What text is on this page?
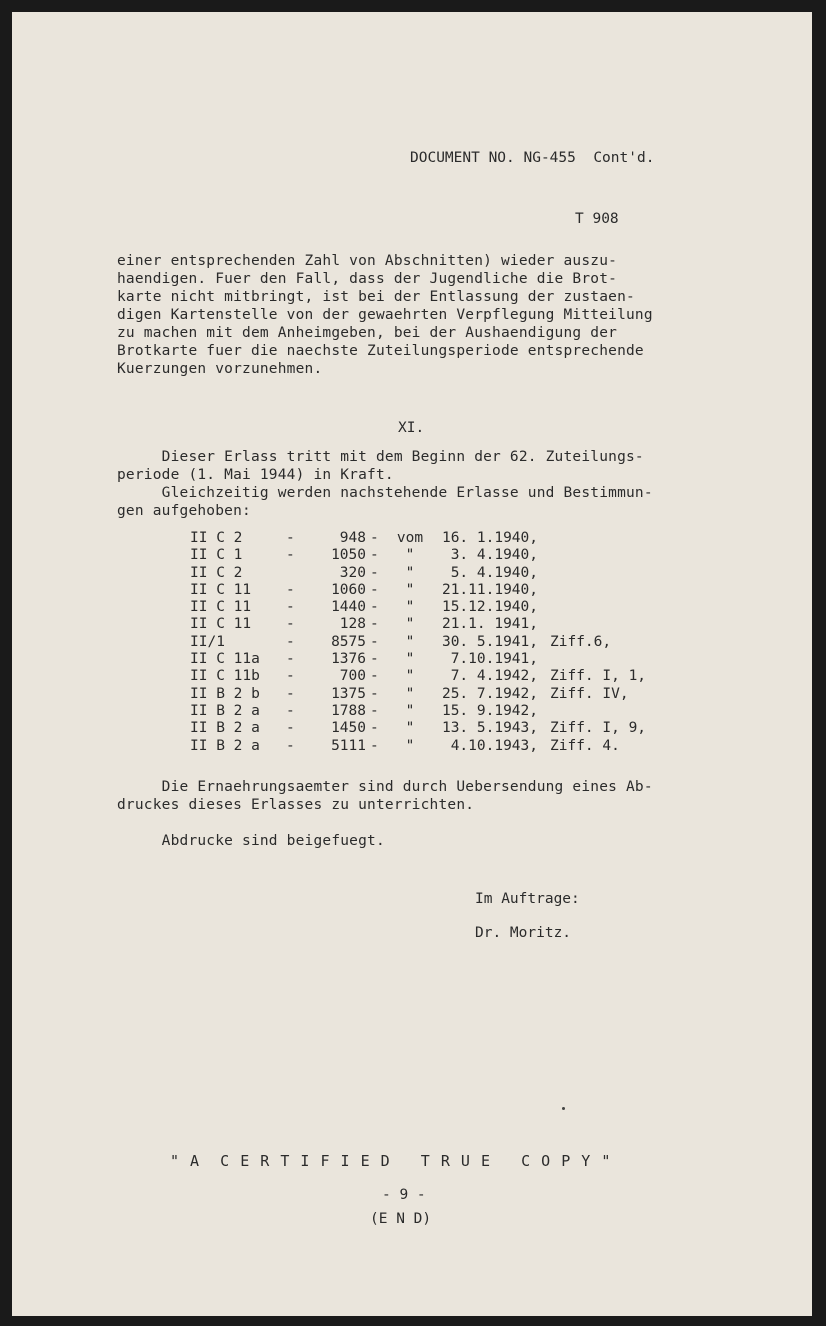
DOCUMENT NO. NG-455  Cont'd.
T 908
einer entsprechenden Zahl von Abschnitten) wieder auszu-
haendigen. Fuer den Fall, dass der Jugendliche die Brot-
karte nicht mitbringt, ist bei der Entlassung der zustaen-
digen Kartenstelle von der gewaehrten Verpflegung Mitteilung
zu machen mit dem Anheimgeben, bei der Aushaendigung der
Brotkarte fuer die naechste Zuteilungsperiode entsprechende
Kuerzungen vorzunehmen.
XI.
Dieser Erlass tritt mit dem Beginn der 62. Zuteilungs-
periode (1. Mai 1944) in Kraft.
Gleichzeitig werden nachstehende Erlasse und Bestimmun-
gen aufgehoben:
II C 2	-	948 -	vom	16. 1.1940,
II C 1	-	1050 -	"	3. 4.1940,
II C 2	320 -	"	5. 4.1940,
II C 11 -	1060 -	"	21.11.1940,
II C 11 -	1440 -	"	15.12.1940,
II C 11 -	128 -	"	21.1. 1941,
II/1	-	8575 -	"	30. 5.1941, Ziff.6,
II C 11a -	1376 -	"	7.10.1941,
II C 11b -	700 -	"	7. 4.1942, Ziff. I, 1,
II B 2 b -	1375 -	"	25. 7.1942, Ziff. IV,
II B 2 a -	1788 -	"	15. 9.1942,
II B 2 a -	1450 -	"	13. 5.1943, Ziff. I, 9,
II B 2 a -	5111 -	"	4.10.1943, Ziff. 4.
Die Ernaehrungsaemter sind durch Uebersendung eines Ab-
druckes dieses Erlasses zu unterrichten.
Abdrucke sind beigefuegt.
Im Auftrage:
Dr. Moritz.
" A  C E R T I F I E D   T R U E   C O P Y "
- 9 -
(E N D)
